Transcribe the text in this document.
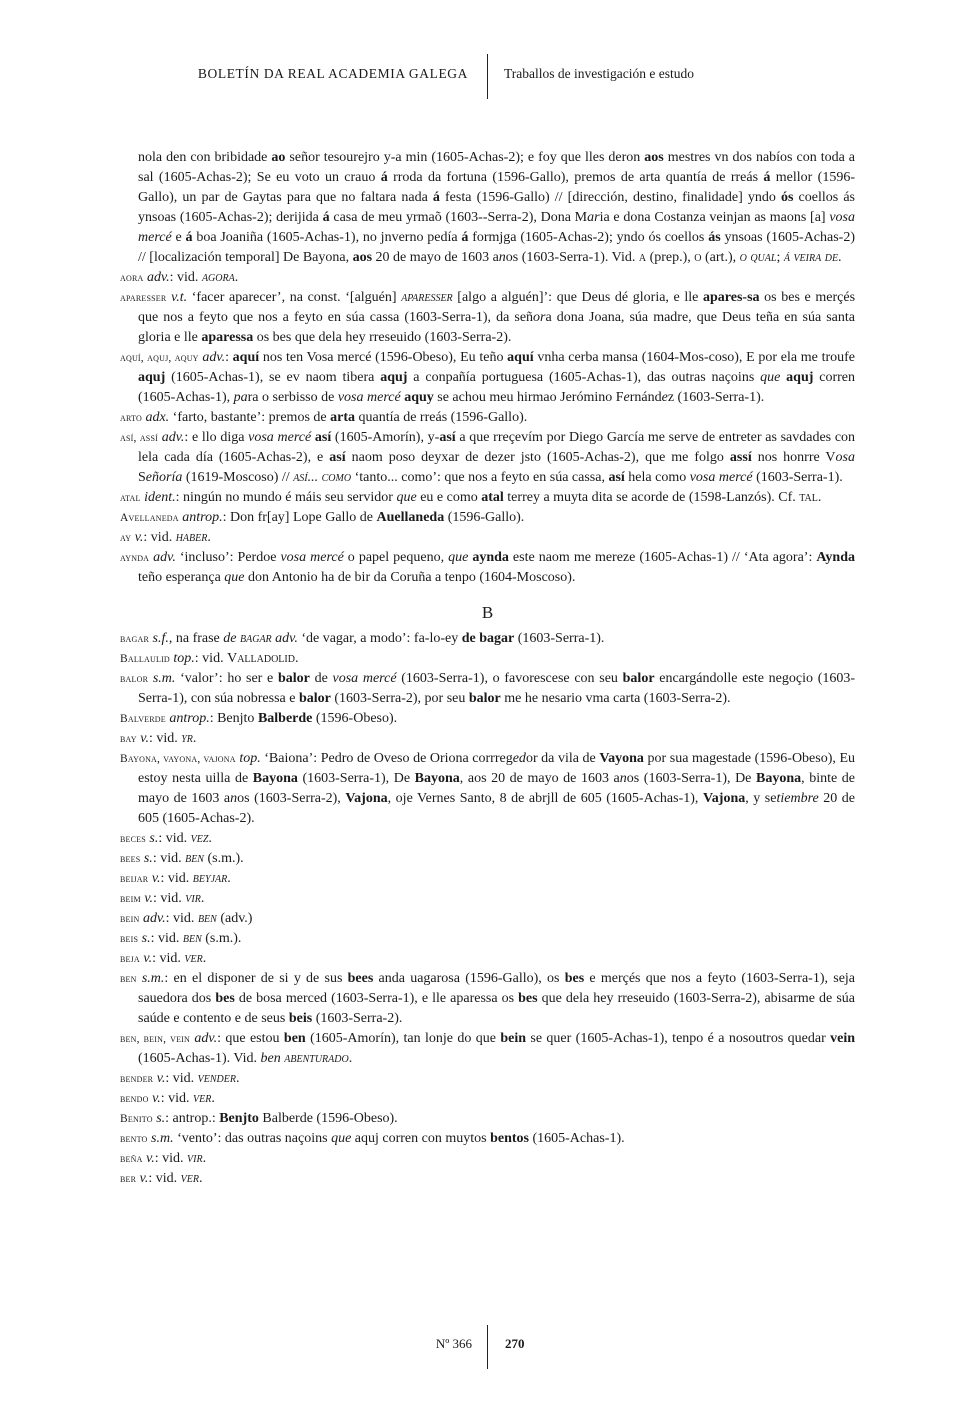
BOLETÍN DA REAL ACADEMIA GALEGA	Traballos de investigación e estudo

nola den con bribidade ao señor tesourejro y-a min (1605-Achas-2); e foy que lles deron aos mestres vn dos nabíos con toda a sal (1605-Achas-2); Se eu voto un crauo á rroda da fortuna (1596-Gallo), premos de arta quantía de rreás á mellor (1596-Gallo), un par de Gaytas para que no faltara nada á festa (1596-Gallo) // [dirección, destino, finalidade] yndo ós coellos ás ynsoas (1605-Achas-2); derijida á casa de meu yrmaõ (1603--Serra-2), Dona Maria e dona Costanza veinjan as maons [a] vosa mercé e á boa Joaniña (1605-Achas-1), no jnverno pedía á formjga (1605-Achas-2); yndo ós coellos ás ynsoas (1605-Achas-2) // [localización temporal] De Bayona, aos 20 de mayo de 1603 anos (1603-Serra-1). Vid. a (prep.), o (art.), o qual; á veira de.

aora adv.: vid. agora.

aparesser v.t. ‘facer aparecer’, na const. ‘[alguén] aparesser [algo a alguén]’: que Deus dé gloria, e lle apares-sa os bes e merçés que nos a feyto que nos a feyto en súa cassa (1603-Serra-1), da señora dona Joana, súa madre, que Deus teña en súa santa gloria e lle aparessa os bes que dela hey rreseuido (1603-Serra-2).

aquí, aquj, aquy adv.: aquí nos ten Vosa mercé (1596-Obeso), Eu teño aquí vnha cerba mansa (1604-Mos-coso), E por ela me troufe aquj (1605-Achas-1), se ev naom tibera aquj a conpañía portuguesa (1605-Achas-1), das outras naçoins que aquj corren (1605-Achas-1), para o serbisso de vosa mercé aquy se achou meu hirmao Jerómino Fernández (1603-Serra-1).

arto adx. ‘farto, bastante’: premos de arta quantía de rreás (1596-Gallo).

así, assí adv.: e llo diga vosa mercé así (1605-Amorín), y-así a que rreçevím por Diego García me serve de entreter as savdades con lela cada día (1605-Achas-2), e así naom poso deyxar de dezer jsto (1605-Achas-2), que me folgo assí nos honrre Vosa Señoría (1619-Moscoso) // así... como ‘tanto... como’: que nos a feyto en súa cassa, así hela como vosa mercé (1603-Serra-1).

atal ident.: ningún no mundo é máis seu servidor que eu e como atal terrey a muyta dita se acorde de (1598-Lanzós). Cf. tal.

Avellaneda antrop.: Don fr[ay] Lope Gallo de Auellaneda (1596-Gallo).

ay v.: vid. haber.

aynda adv. ‘incluso’: Perdoe vosa mercé o papel pequeno, que aynda este naom me mereze (1605-Achas-1) // ‘Ata agora’: Aynda teño esperança que don Antonio ha de bir da Coruña a tenpo (1604-Moscoso).

B

bagar s.f., na frase de bagar adv. ‘de vagar, a modo’: fa-lo-ey de bagar (1603-Serra-1).

Ballaulid top.: vid. Valladolid.

balor s.m. ‘valor’: ho ser e balor de vosa mercé (1603-Serra-1), o favorescese con seu balor encargándolle este negoçio (1603-Serra-1), con súa nobressa e balor (1603-Serra-2), por seu balor me he nesario vma carta (1603-Serra-2).

Balverde antrop.: Benjto Balberde (1596-Obeso).

bay v.: vid. yr.

Bayona, vayona, vajona top. ‘Baiona’: Pedro de Oveso de Oriona corrregedor da vila de Vayona por sua magestade (1596-Obeso), Eu estoy nesta uilla de Bayona (1603-Serra-1), De Bayona, aos 20 de mayo de 1603 anos (1603-Serra-1), De Bayona, binte de mayo de 1603 anos (1603-Serra-2), Vajona, oje Vernes Santo, 8 de abrjll de 605 (1605-Achas-1), Vajona, y setiembre 20 de 605 (1605-Achas-2).

beces s.: vid. vez.

bees s.: vid. ben (s.m.).

beijar v.: vid. beyjar.

beim v.: vid. vir.

bein adv.: vid. ben (adv.)

beis s.: vid. ben (s.m.).

beja v.: vid. ver.

ben s.m.: en el disponer de si y de sus bees anda uagarosa (1596-Gallo), os bes e merçés que nos a feyto (1603-Serra-1), seja sauedora dos bes de bosa merced (1603-Serra-1), e lle aparessa os bes que dela hey rreseuido (1603-Serra-2), abisarme de súa saúde e contento e de seus beis (1603-Serra-2).

ben, bein, vein adv.: que estou ben (1605-Amorín), tan lonje do que bein se quer (1605-Achas-1), tenpo é a nosoutros quedar vein (1605-Achas-1). Vid. ben abenturado.

bender v.: vid. vender.

bendo v.: vid. ver.

Benito s.: antrop.: Benjto Balberde (1596-Obeso).

bento s.m. ‘vento’: das outras naçoins que aquj corren con muytos bentos (1605-Achas-1).

beña v.: vid. vir.

ber v.: vid. ver.

Nº 366	270
